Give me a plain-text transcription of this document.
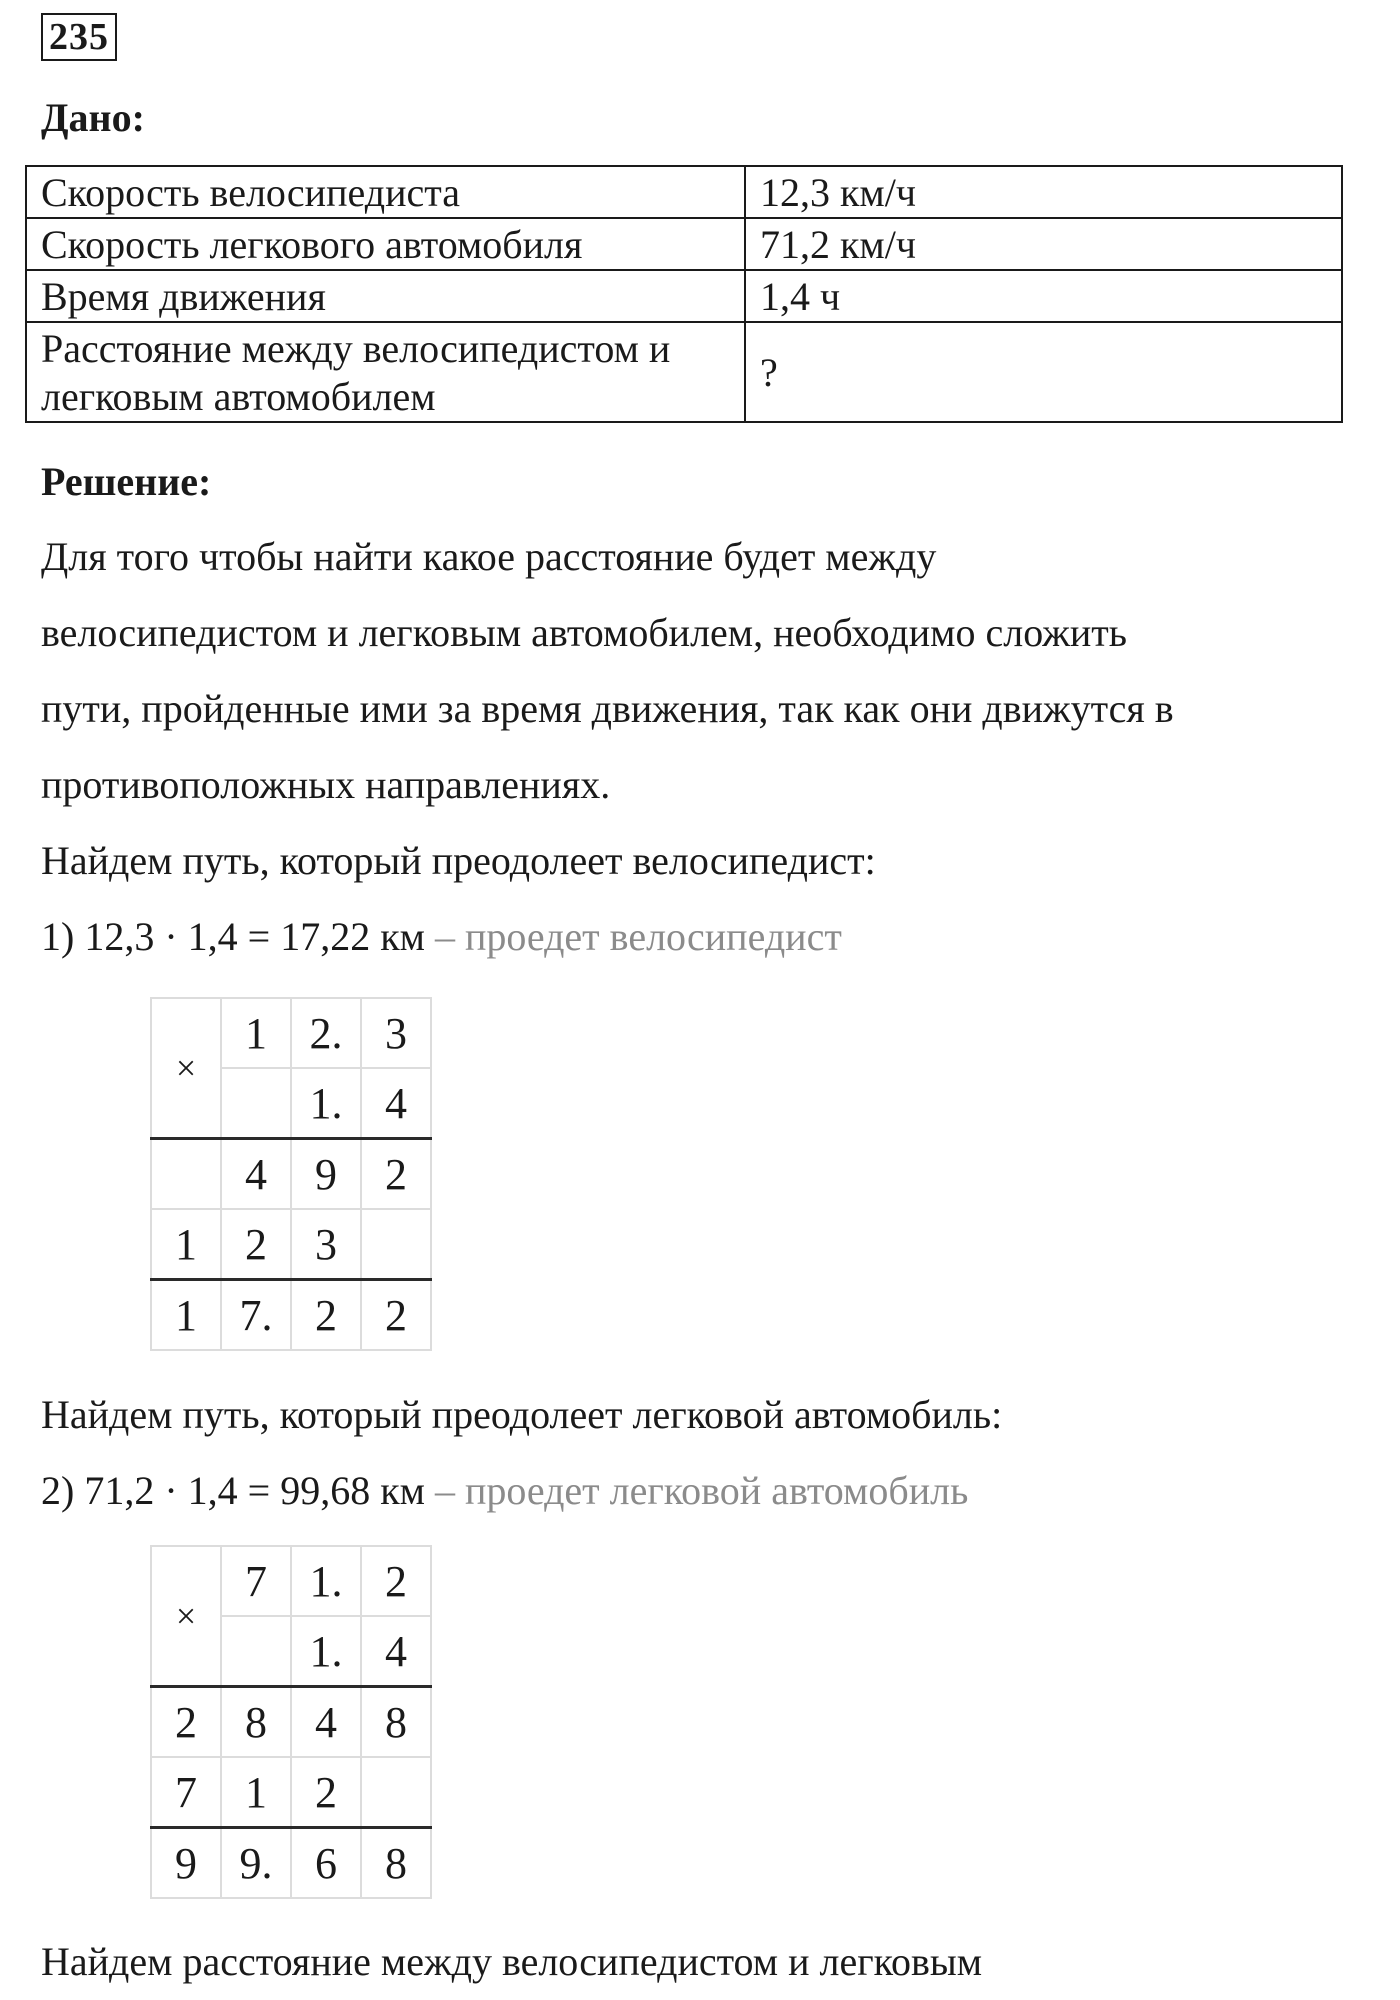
235
Дано:
Скорость велосипедиста	12,3 км/ч
Скорость легкового автомобиля	71,2 км/ч
Время движения	1,4 ч
Расстояние между велосипедистом и легковым автомобилем	?
Решение:
Для того чтобы найти какое расстояние будет между
велосипедистом и легковым автомобилем, необходимо сложить
пути, пройденные ими за время движения, так как они движутся в
противоположных направлениях.
Найдем путь, который преодолеет велосипедист:
1) 12,3 · 1,4 = 17,22 км – проедет велосипедист
×	1	2.	3
		1.	4
	4	9	2
1	2	3	
1	7.	2	2
Найдем путь, который преодолеет легковой автомобиль:
2) 71,2 · 1,4 = 99,68 км – проедет легковой автомобиль
×	7	1.	2
		1.	4
2	8	4	8
7	1	2	
9	9.	6	8
Найдем расстояние между велосипедистом и легковым
